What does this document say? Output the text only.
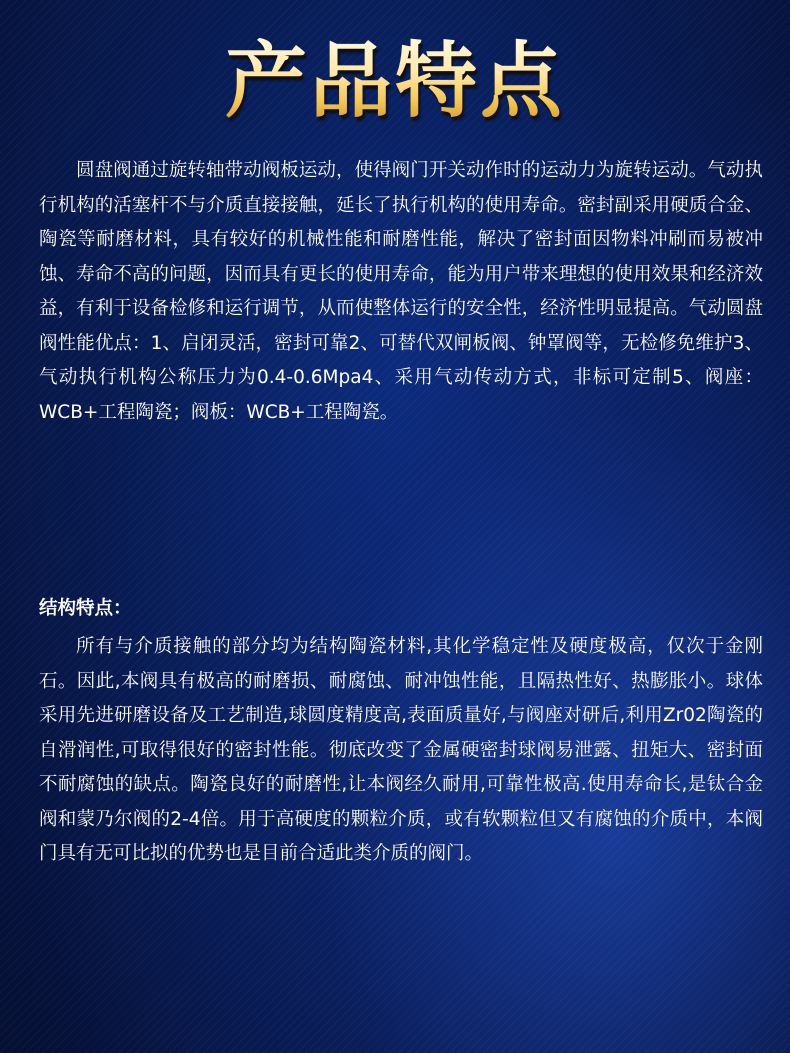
产品特点

圆盘阀通过旋转轴带动阀板运动，使得阀门开关动作时的运动力为旋转运动。气动执行机构的活塞杆不与介质直接接触，延长了执行机构的使用寿命。密封副采用硬质合金、陶瓷等耐磨材料，具有较好的机械性能和耐磨性能，解决了密封面因物料冲刷而易被冲蚀、寿命不高的问题，因而具有更长的使用寿命，能为用户带来理想的使用效果和经济效益，有利于设备检修和运行调节，从而使整体运行的安全性，经济性明显提高。气动圆盘阀性能优点：1、启闭灵活，密封可靠2、可替代双闸板阀、钟罩阀等，无检修免维护3、气动执行机构公称压力为0.4-0.6Mpa4、采用气动传动方式，非标可定制5、阀座：WCB+工程陶瓷；阀板：WCB+工程陶瓷。

结构特点：

所有与介质接触的部分均为结构陶瓷材料,其化学稳定性及硬度极高，仅次于金刚石。因此,本阀具有极高的耐磨损、耐腐蚀、耐冲蚀性能，且隔热性好、热膨胀小。球体采用先进研磨设备及工艺制造,球圆度精度高,表面质量好,与阀座对研后,利用Zr02陶瓷的自滑润性,可取得很好的密封性能。彻底改变了金属硬密封球阀易泄露、扭矩大、密封面不耐腐蚀的缺点。陶瓷良好的耐磨性,让本阀经久耐用,可靠性极高.使用寿命长,是钛合金阀和蒙乃尔阀的2-4倍。用于高硬度的颗粒介质，或有软颗粒但又有腐蚀的介质中，本阀门具有无可比拟的优势也是目前合适此类介质的阀门。
